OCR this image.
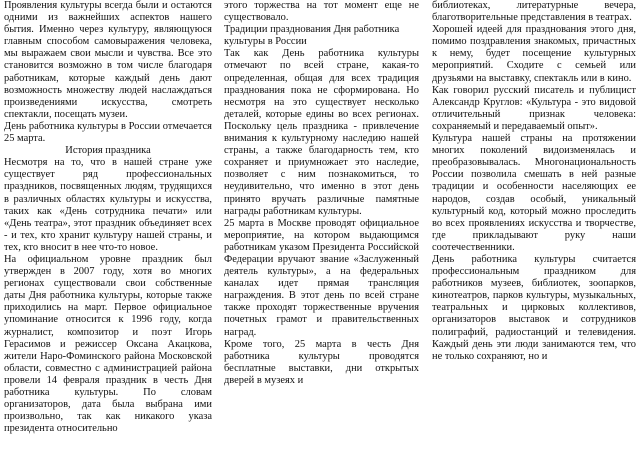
Проявления культуры всегда были и остаются одними из важнейших аспектов нашего бытия. Именно через культуру, являющуюся главным способом самовыражения человека, мы выражаем свои мысли и чувства. Все это становится возможно в том числе благодаря работникам, которые каждый день дают возможность множеству людей наслаждаться произведениями искусства, смотреть спектакли, посещать музеи.

День работника культуры в России отмечается 25 марта.

История праздника

Несмотря на то, что в нашей стране уже существует ряд профессиональных праздников, посвященных людям, трудящихся в различных областях культуры и искусства, таких как «День сотрудника печати» или «День театра», этот праздник объединяет всех - и тех, кто хранит культуру нашей страны, и тех, кто вносит в нее что-то новое.

На официальном уровне праздник был утвержден в 2007 году, хотя во многих регионах существовали свои собственные даты Дня работника культуры, которые также приходились на март. Первое официальное упоминание относится к 1996 году, когда журналист, композитор и поэт Игорь Герасимов и режиссер Оксана Акацкова, жители Наро-Фоминского района Московской области, совместно с администрацией района провели 14 февраля праздник в честь Дня работника культуры. По словам организаторов, дата была выбрана ими произвольно, так как никакого указа президента относительно

этого торжества на тот момент еще не существовало.

Традиции празднования Дня работника культуры в России

Так как День работника культуры отмечают по всей стране, какая-то определенная, общая для всех традиция празднования пока не сформирована. Но несмотря на это существует несколько деталей, которые едины во всех регионах. Поскольку цель праздника - привлечение внимания к культурному наследию нашей страны, а также благодарность тем, кто сохраняет и приумножает это наследие, позволяет с ним познакомиться, то неудивительно, что именно в этот день принято вручать различные памятные награды работникам культуры.

25 марта в Москве проводят официальное мероприятие, на котором выдающимся работникам указом Президента Российской Федерации вручают звание «Заслуженный деятель культуры», а на федеральных каналах идет прямая трансляция награждения. В этот день по всей стране также проходят торжественные вручения почетных грамот и правительственных наград.

Кроме того, 25 марта в честь Дня работника культуры проводятся бесплатные выставки, дни открытых дверей в музеях и

библиотеках, литературные вечера, благотворительные представления в театрах.

Хорошей идеей для празднования этого дня, помимо поздравления знакомых, причастных к нему, будет посещение культурных мероприятий. Сходите с семьей или друзьями на выставку, спектакль или в кино.

Как говорил русский писатель и публицист Александр Круглов: «Культура - это видовой отличительный признак человека: сохраняемый и передаваемый опыт».

Культура нашей страны на протяжении многих поколений видоизменялась и преобразовывалась. Многонациональность России позволила смешать в ней разные традиции и особенности населяющих ее народов, создав особый, уникальный культурный код, который можно проследить во всех проявлениях искусства и творчестве, где прикладывают руку наши соотечественники.

День работника культуры считается профессиональным праздником для работников музеев, библиотек, зоопарков, кинотеатров, парков культуры, музыкальных, театральных и цирковых коллективов, организаторов выставок и сотрудников полиграфий, радиостанций и телевидения. Каждый день эти люди занимаются тем, что не только сохраняют, но и
